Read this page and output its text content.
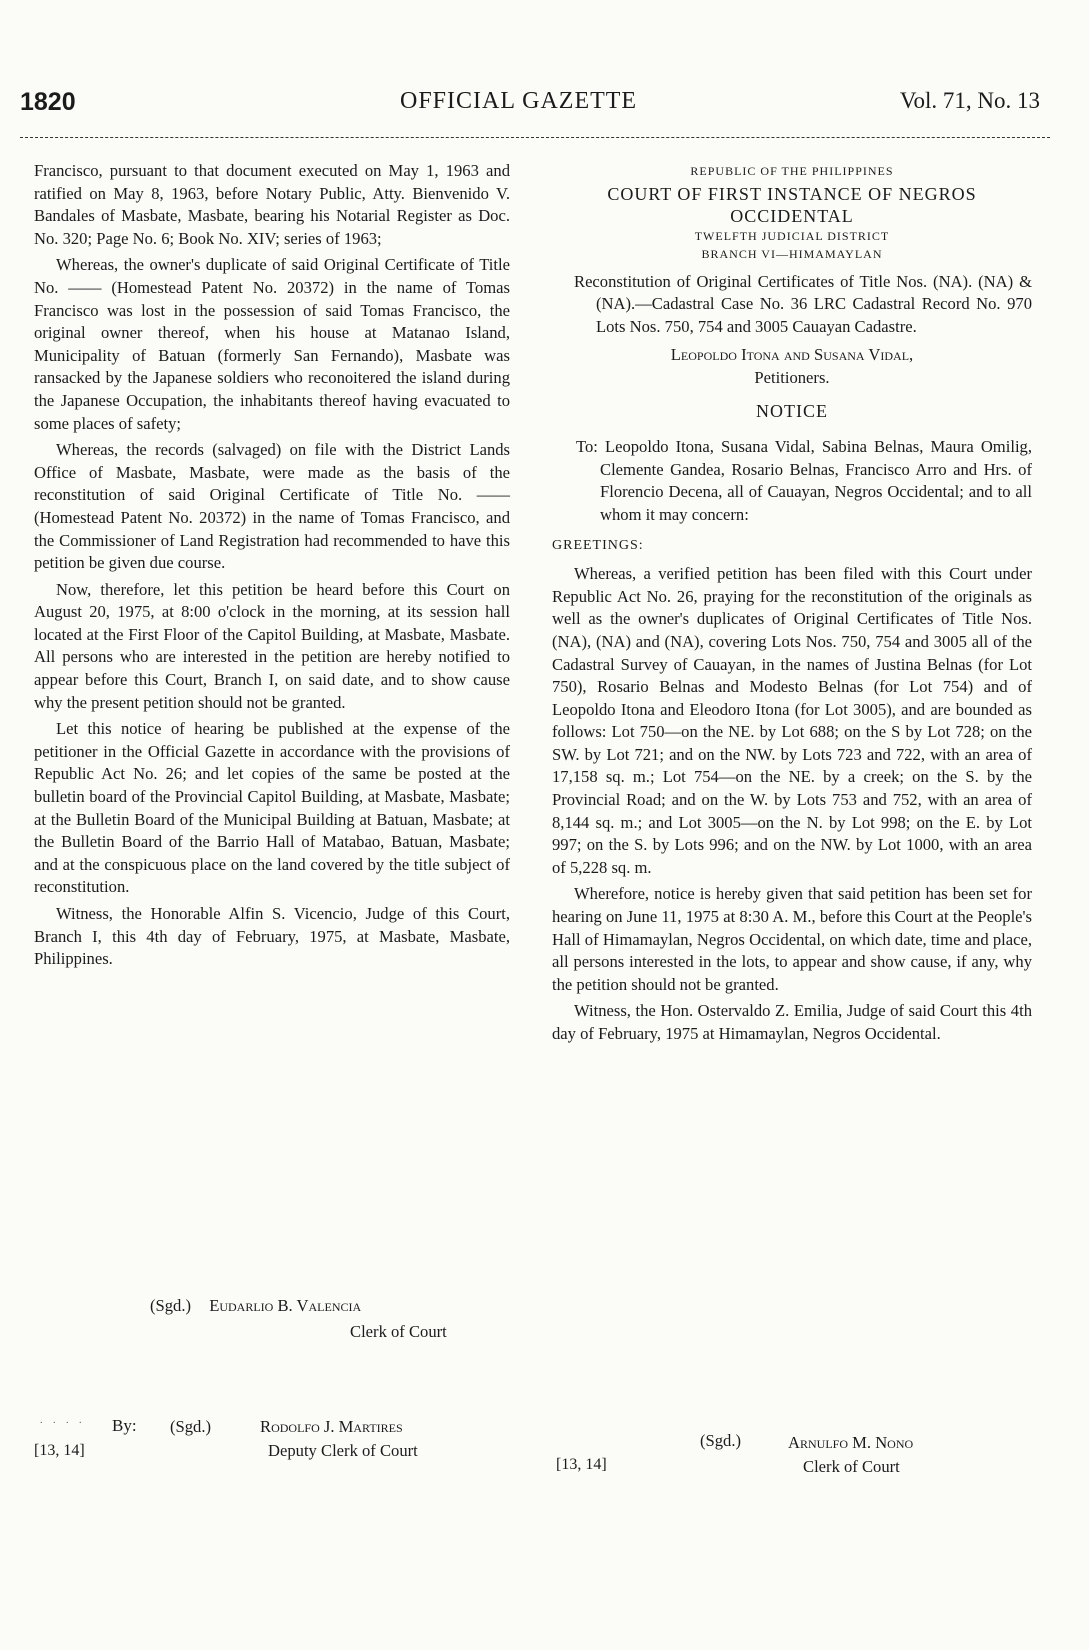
1820	OFFICIAL GAZETTE	Vol. 71, No. 13

Francisco, pursuant to that document executed on May 1, 1963 and ratified on May 8, 1963, before Notary Public, Atty. Bienvenido V. Bandales of Masbate, Masbate, bearing his Notarial Register as Doc. No. 320; Page No. 6; Book No. XIV; series of 1963;

Whereas, the owner's duplicate of said Original Certificate of Title No. —— (Homestead Patent No. 20372) in the name of Tomas Francisco was lost in the possession of said Tomas Francisco, the original owner thereof, when his house at Matanao Island, Municipality of Batuan (formerly San Fernando), Masbate was ransacked by the Japanese soldiers who reconoitered the island during the Japanese Occupation, the inhabitants thereof having evacuated to some places of safety;

Whereas, the records (salvaged) on file with the District Lands Office of Masbate, Masbate, were made as the basis of the reconstitution of said Original Certificate of Title No. —— (Homestead Patent No. 20372) in the name of Tomas Francisco, and the Commissioner of Land Registration had recommended to have this petition be given due course.

Now, therefore, let this petition be heard before this Court on August 20, 1975, at 8:00 o'clock in the morning, at its session hall located at the First Floor of the Capitol Building, at Masbate, Masbate. All persons who are interested in the petition are hereby notified to appear before this Court, Branch I, on said date, and to show cause why the present petition should not be granted.

Let this notice of hearing be published at the expense of the petitioner in the Official Gazette in accordance with the provisions of Republic Act No. 26; and let copies of the same be posted at the bulletin board of the Provincial Capitol Building, at Masbate, Masbate; at the Bulletin Board of the Municipal Building at Batuan, Masbate; at the Bulletin Board of the Barrio Hall of Matabao, Batuan, Masbate; and at the conspicuous place on the land covered by the title subject of reconstitution.

Witness, the Honorable Alfin S. Vicencio, Judge of this Court, Branch I, this 4th day of February, 1975, at Masbate, Masbate, Philippines.

(Sgd.) Eudarlio B. Valencia
Clerk of Court
. . . . By: (Sgd.)	Rodolfo J. Martires
[13, 14]	Deputy Clerk of Court
REPUBLIC OF THE PHILIPPINES
COURT OF FIRST INSTANCE OF NEGROS OCCIDENTAL
TWELFTH JUDICIAL DISTRICT
BRANCH VI—HIMAMAYLAN

Reconstitution of Original Certificates of Title Nos. (NA). (NA) & (NA).—Cadastral Case No. 36 LRC Cadastral Record No. 970 Lots Nos. 750, 754 and 3005 Cauayan Cadastre.

Leopoldo Itona and Susana Vidal,
Petitioners.
NOTICE

To: Leopoldo Itona, Susana Vidal, Sabina Belnas, Maura Omilig, Clemente Gandea, Rosario Belnas, Francisco Arro and Hrs. of Florencio Decena, all of Cauayan, Negros Occidental; and to all whom it may concern:

GREETINGS:

Whereas, a verified petition has been filed with this Court under Republic Act No. 26, praying for the reconstitution of the originals as well as the owner's duplicates of Original Certificates of Title Nos. (NA), (NA) and (NA), covering Lots Nos. 750, 754 and 3005 all of the Cadastral Survey of Cauayan, in the names of Justina Belnas (for Lot 750), Rosario Belnas and Modesto Belnas (for Lot 754) and of Leopoldo Itona and Eleodoro Itona (for Lot 3005), and are bounded as follows: Lot 750—on the NE. by Lot 688; on the S by Lot 728; on the SW. by Lot 721; and on the NW. by Lots 723 and 722, with an area of 17,158 sq. m.; Lot 754—on the NE. by a creek; on the S. by the Provincial Road; and on the W. by Lots 753 and 752, with an area of 8,144 sq. m.; and Lot 3005—on the N. by Lot 998; on the E. by Lot 997; on the S. by Lots 996; and on the NW. by Lot 1000, with an area of 5,228 sq. m.

Wherefore, notice is hereby given that said petition has been set for hearing on June 11, 1975 at 8:30 A. M., before this Court at the People's Hall of Himamaylan, Negros Occidental, on which date, time and place, all persons interested in the lots, to appear and show cause, if any, why the petition should not be granted.

Witness, the Hon. Ostervaldo Z. Emilia, Judge of said Court this 4th day of February, 1975 at Himamaylan, Negros Occidental.

(Sgd.)	Arnulfo M. Nono
[13, 14]	Clerk of Court
